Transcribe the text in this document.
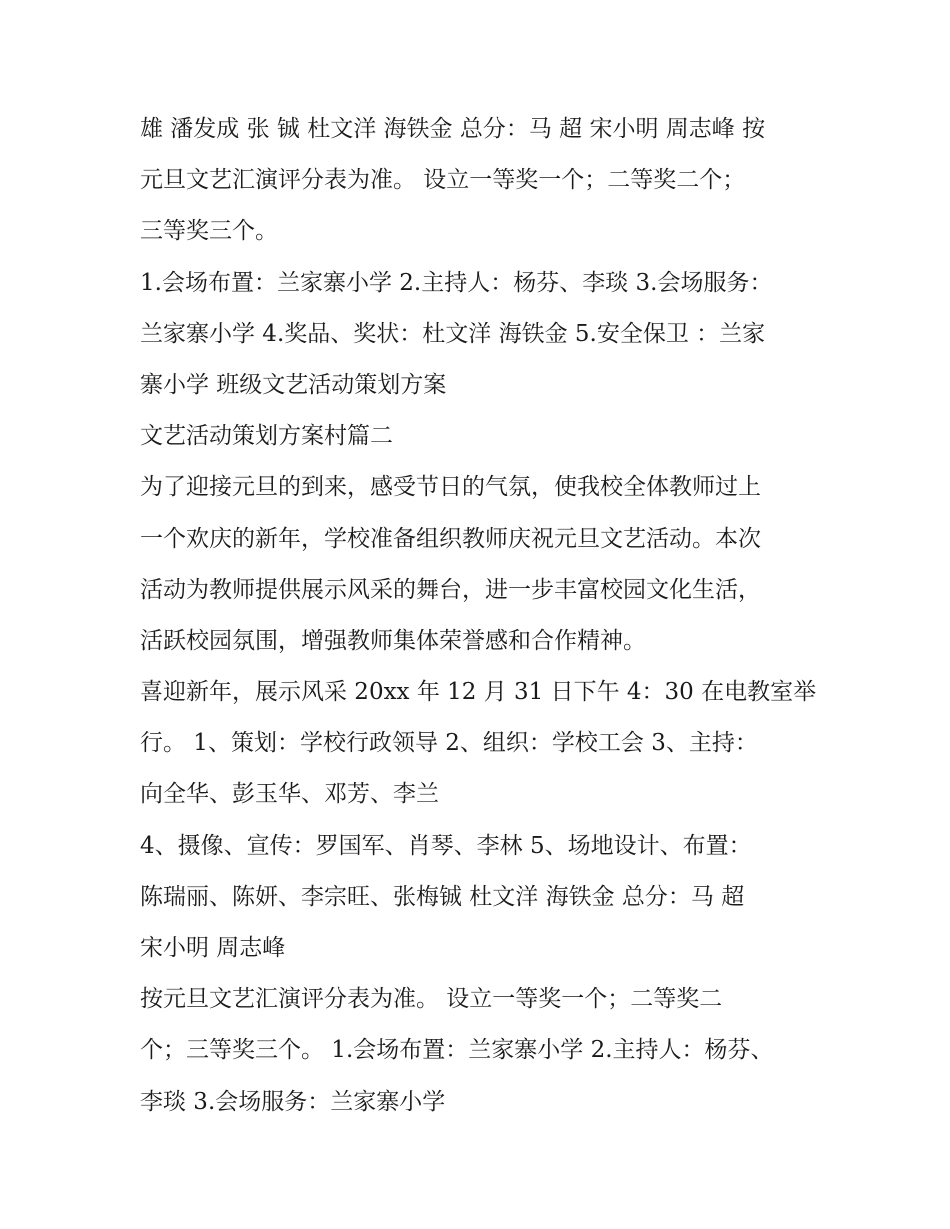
雄 潘发成 张 铖 杜文洋 海铁金 总分：马 超 宋小明 周志峰 按
元旦文艺汇演评分表为准。 设立一等奖一个；二等奖二个；
三等奖三个。
1.会场布置：兰家寨小学 2.主持人：杨芬、李琰 3.会场服务：
兰家寨小学 4.奖品、奖状：杜文洋 海铁金 5.安全保卫 ：兰家
寨小学 班级文艺活动策划方案
文艺活动策划方案村篇二
为了迎接元旦的到来，感受节日的气氛，使我校全体教师过上
一个欢庆的新年，学校准备组织教师庆祝元旦文艺活动。本次
活动为教师提供展示风采的舞台，进一步丰富校园文化生活，
活跃校园氛围，增强教师集体荣誉感和合作精神。
喜迎新年，展示风采 20xx 年 12 月 31 日下午 4：30 在电教室举
行。 1、策划：学校行政领导 2、组织：学校工会 3、主持：
向全华、彭玉华、邓芳、李兰
4、摄像、宣传：罗国军、肖琴、李林 5、场地设计、布置：
陈瑞丽、陈妍、李宗旺、张梅铖 杜文洋 海铁金 总分：马 超
宋小明 周志峰
按元旦文艺汇演评分表为准。 设立一等奖一个；二等奖二
个；三等奖三个。 1.会场布置：兰家寨小学 2.主持人：杨芬、
李琰 3.会场服务：兰家寨小学
